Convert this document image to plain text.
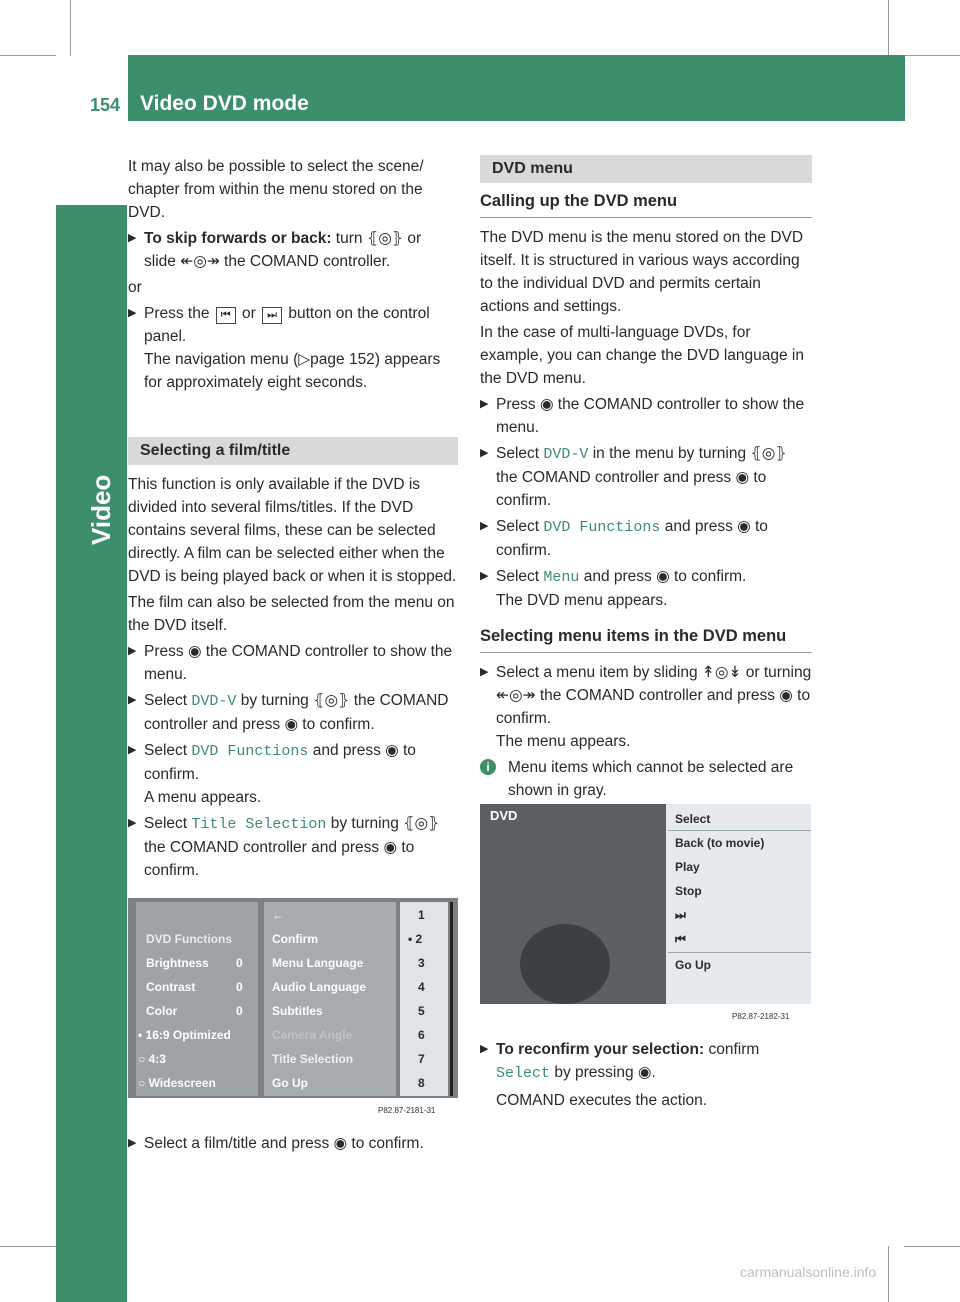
154 Video DVD mode
Video

It may also be possible to select the scene/ chapter from within the menu stored on the DVD.

▶ To skip forwards or back: turn ⦃◎⦄ or
slide ↞◎↠ the COMAND controller.

or

▶ Press the ⏮ or ⏭ button on the control panel.
The navigation menu (▷page 152) appears for approximately eight seconds.
Selecting a film/title

This function is only available if the DVD is divided into several films/titles. If the DVD contains several films, these can be selected directly. A film can be selected either when the DVD is being played back or when it is stopped.

The film can also be selected from the menu on the DVD itself.

▶ Press ◉ the COMAND controller to show the menu.
▶ Select DVD-V by turning ⦃◎⦄ the COMAND controller and press ◉ to confirm.
▶ Select DVD Functions and press ◉ to confirm.
A menu appears.
▶ Select Title Selection by turning ⦃◎⦄ the COMAND controller and press ◉ to confirm.
DVD Functions
Brightness
Contrast
Color
• 16:9 Optimized
○ 4:3
○ Widescreen
0
0
0
←
Confirm
Menu Language
Audio Language
Subtitles
Camera Angle
Title Selection
Go Up
1
• 2
3
4
5
6
7
8
P82.87-2181-31
▶ Select a film/title and press ◉ to confirm.
DVD menu
Calling up the DVD menu

The DVD menu is the menu stored on the DVD itself. It is structured in various ways according to the individual DVD and permits certain actions and settings.

In the case of multi-language DVDs, for example, you can change the DVD language in the DVD menu.

▶ Press ◉ the COMAND controller to show the menu.
▶ Select DVD-V in the menu by turning ⦃◎⦄ the COMAND controller and press ◉ to confirm.
▶ Select DVD Functions and press ◉ to confirm.
▶ Select Menu and press ◉ to confirm.
The DVD menu appears.
Selecting menu items in the DVD menu
▶ Select a menu item by sliding ↟◎↡ or turning ↞◎↠ the COMAND controller and press ◉ to confirm.
The menu appears.
i	Menu items which cannot be selected are shown in gray.
DVD	Select
Back (to movie)
Play
Stop
⏭
⏮
Go Up
P82.87-2182-31
▶ To reconfirm your selection: confirm
Select by pressing ◉.
COMAND executes the action.
carmanualsonline.info
